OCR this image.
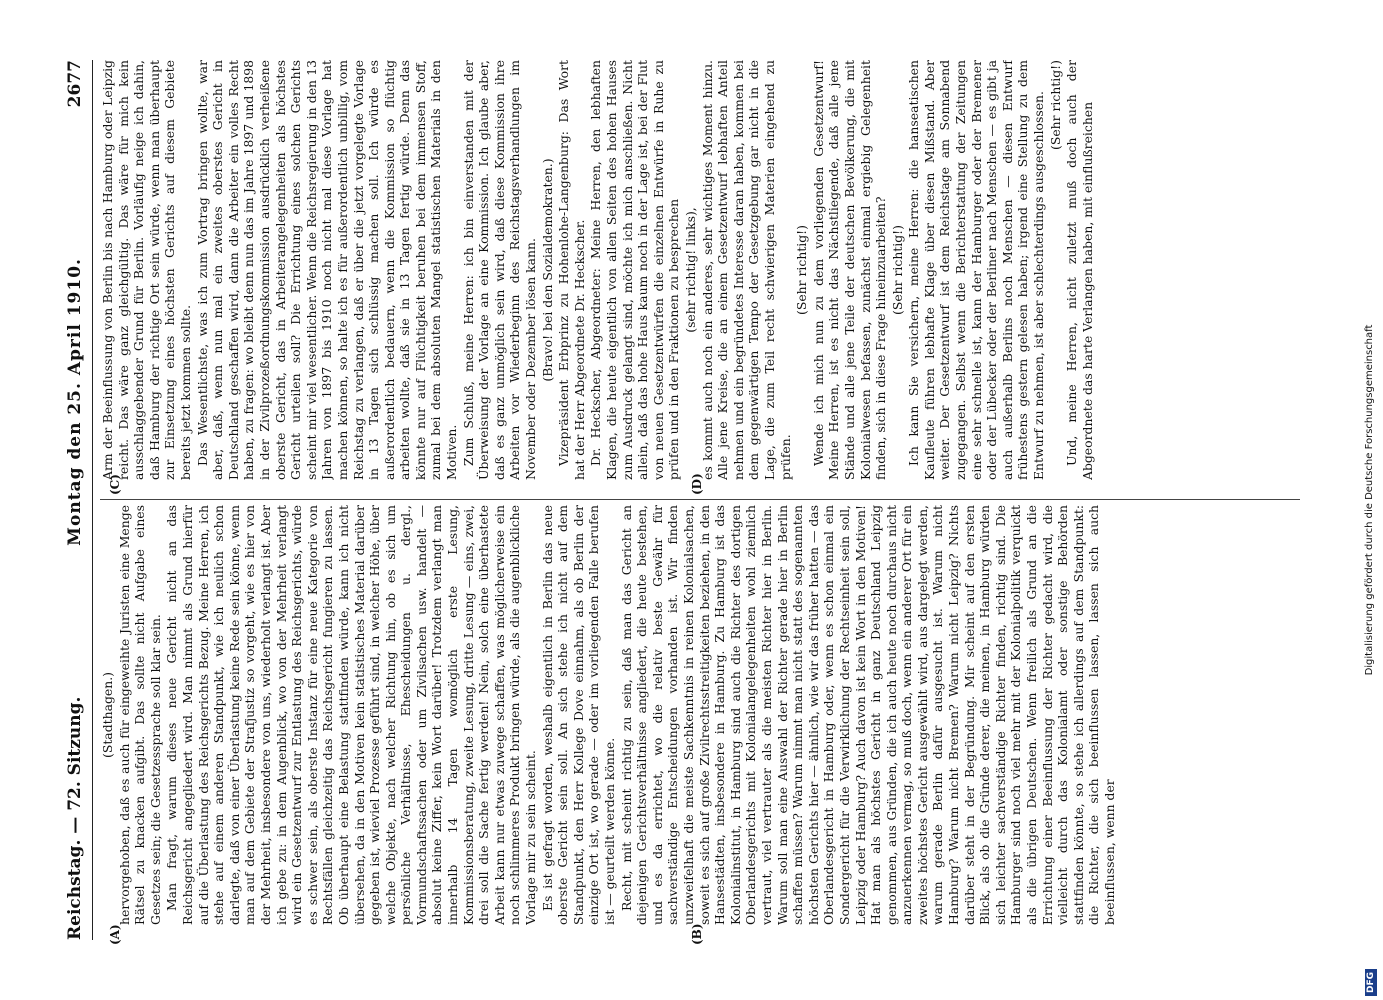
Reichstag. — 72. Sitzung.
Montag den 25. April 1910.
2677
(A)	(B)
(C)	(D)

(Stadthagen.) hervorgehoben, daß es auch für eingeweihte Juristen eine Menge Rätsel zu knacken aufgibt. Das sollte nicht Aufgabe eines Gesetzes sein; die Gesetzessprache soll klar sein. Man fragt, warum dieses neue Gericht nicht an das Reichsgericht angegliedert wird. Man nimmt als Grund hierfür auf die Überlastung des Reichsgerichts Bezug. Meine Herren, ich stehe auf einem anderen Standpunkt, wie ich neulich schon darlegte, daß von einer Überlastung keine Rede sein könne, wenn man auf dem Gebiete der Strafjustiz so vorgeht, wie es hier von der Mehrheit, insbesondere von uns, wiederholt verlangt ist. Aber ich gebe zu: in dem Augenblick, wo von der Mehrheit verlangt wird ein Gesetzentwurf zur Entlastung des Reichsgerichts, würde es schwer sein, als oberste Instanz für eine neue Kategorie von Rechtsfällen gleichzeitig das Reichsgericht fungieren zu lassen. Ob überhaupt eine Belastung stattfinden würde, kann ich nicht übersehen, da in den Motiven kein statistisches Material darüber gegeben ist, wieviel Prozesse geführt sind, in welcher Höhe, über welche Objekte, nach welcher Richtung hin, ob es sich um persönliche Verhältnisse, Ehescheidungen u. dergl., Vormundschaftssachen oder um Zivilsachen usw. handelt — absolut keine Ziffer, kein Wort darüber! Trotzdem verlangt man innerhalb 14 Tagen womöglich erste Lesung, Kommissionsberatung, zweite Lesung, dritte Lesung — eins, zwei, drei soll die Sache fertig werden! Nein, solch eine überhastete Arbeit kann nur etwas zuwege schaffen, was möglicherweise ein noch schlimmeres Produkt bringen würde, als die augenblickliche Vorlage mir zu sein scheint. Es ist gefragt worden, weshalb eigentlich in Berlin das neue oberste Gericht sein soll. An sich stehe ich nicht auf dem Standpunkt, den Herr Kollege Dove einnahm, als ob Berlin der einzige Ort ist, wo gerade — oder im vorliegenden Falle berufen ist — geurteilt werden könne. Recht, mit scheint richtig zu sein, daß man das Gericht an diejenigen Gerichtsverhältnisse angliedert, die heute bestehen, und es da errichtet, wo die relativ beste Gewähr für sachverständige Entscheidungen vorhanden ist. Wir finden unzweifelhaft die meiste Sachkenntnis in reinen Kolonialsachen, soweit es sich auf große Zivilrechtsstreitigkeiten beziehen, in den Hansestädten, insbesondere in Hamburg. Zu Hamburg ist das Kolonialinstitut, in Hamburg sind auch die Richter des dortigen Oberlandesgerichts mit Kolonialangelegenheiten wohl ziemlich vertraut, viel vertrauter als die meisten Richter hier in Berlin. Warum soll man eine Auswahl der Richter gerade hier in Berlin schaffen müssen? Warum nimmt man nicht statt des sogenannten höchsten Gerichts hier — ähnlich, wie wir das früher hatten — das Oberlandesgericht in Hamburg oder, wenn es schon einmal ein Sondergericht für die Verwirklichung der Rechtseinheit sein soll, Leipzig oder Hamburg? Auch davon ist kein Wort in den Motiven! Hat man als höchstes Gericht in ganz Deutschland Leipzig genommen, aus Gründen, die ich auch heute noch durchaus nicht anzuerkennen vermag, so muß doch, wenn ein anderer Ort für ein zweites höchstes Gericht ausgewählt wird, aus dargelegt werden, warum gerade Berlin dafür ausgesucht ist. Warum nicht Hamburg? Warum nicht Bremen? Warum nicht Leipzig? Nichts darüber steht in der Begründung. Mir scheint auf den ersten Blick, als ob die Gründe derer, die meinen, in Hamburg würden sich leichter sachverständige Richter finden, richtig sind. Die Hamburger sind noch viel mehr mit der Kolonialpolitik verquickt als die übrigen Deutschen. Wenn freilich als Grund an die Errichtung einer Beeinflussung der Richter gedacht wird, die vielleicht durch das Kolonialamt oder sonstige Behörden stattfinden könnte, so stehe ich allerdings auf dem Standpunkt: die Richter, die sich beeinflussen lassen, lassen sich auch beeinflussen, wenn der

Arm der Beeinflussung von Berlin bis nach Hamburg oder Leipzig reicht. Das wäre ganz gleichgültig. Das wäre für mich kein ausschlaggebender Grund für Berlin. Vorläufig neige ich dahin, daß Hamburg der richtige Ort sein würde, wenn man überhaupt zur Einsetzung eines höchsten Gerichts auf diesem Gebiete bereits jetzt kommen sollte. Das Wesentlichste, was ich zum Vortrag bringen wollte, war aber, daß, wenn nun mal ein zweites oberstes Gericht in Deutschland geschaffen wird, dann die Arbeiter ein volles Recht haben, zu fragen: wo bleibt denn nun das im Jahre 1897 und 1898 in der Zivilprozeßordnungskommission ausdrücklich verheißene oberste Gericht, das in Arbeiterangelegenheiten als höchstes Gericht urteilen soll? Die Errichtung eines solchen Gerichts scheint mir viel wesentlicher. Wenn die Reichsregierung in den 13 Jahren von 1897 bis 1910 noch nicht mal diese Vorlage hat machen können, so halte ich es für außerordentlich unbillig, vom Reichstag zu verlangen, daß er über die jetzt vorgelegte Vorlage in 13 Tagen sich schlüssig machen soll. Ich würde es außerordentlich bedauern, wenn die Kommission so flüchtig arbeiten wollte, daß sie in 13 Tagen fertig würde. Denn das könnte nur auf Flüchtigkeit beruhen bei dem immensen Stoff, zumal bei dem absoluten Mangel statistischen Materials in den Motiven. Zum Schluß, meine Herren: ich bin einverstanden mit der Überweisung der Vorlage an eine Kommission. Ich glaube aber, daß es ganz unmöglich sein wird, daß diese Kommission ihre Arbeiten vor Wiederbeginn des Reichstagsverhandlungen im November oder Dezember lösen kann. (Bravo! bei den Sozialdemokraten.) Vizepräsident Erbprinz zu Hohenlohe-Langenburg: Das Wort hat der Herr Abgeordnete Dr. Heckscher. Dr. Heckscher, Abgeordneter: Meine Herren, den lebhaften Klagen, die heute eigentlich von allen Seiten des hohen Hauses zum Ausdruck gelangt sind, möchte ich mich anschließen. Nicht allein, daß das hohe Haus kaum noch in der Lage ist, bei der Flut von neuen Gesetzentwürfen die einzelnen Entwürfe in Ruhe zu prüfen und in den Fraktionen zu besprechen (sehr richtig! links), es kommt auch noch ein anderes, sehr wichtiges Moment hinzu. Alle jene Kreise, die an einem Gesetzentwurf lebhaften Anteil nehmen und ein begründetes Interesse daran haben, kommen bei dem gegenwärtigen Tempo der Gesetzgebung gar nicht in die Lage, die zum Teil recht schwierigen Materien eingehend zu prüfen.

(Sehr richtig!) Wende ich mich nun zu dem vorliegenden Gesetzentwurf! Meine Herren, ist es nicht das Nächstliegende, daß alle jene Stände und alle jene Teile der deutschen Bevölkerung, die mit Kolonialwesen befassen, zunächst einmal ergiebig Gelegenheit finden, sich in diese Frage hineinzuarbeiten? (Sehr richtig!) Ich kann Sie versichern, meine Herren: die hanseatischen Kaufleute führen lebhafte Klage über diesen Mißstand. Aber weiter. Der Gesetzentwurf ist dem Reichstage am Sonnabend zugegangen. Selbst wenn die Berichterstattung der Zeitungen eine sehr schnelle ist, kann der Hamburger oder der Bremener oder der Lübecker oder der Berliner nach Menschen — es gibt ja auch außerhalb Berlins noch Menschen — diesen Entwurf frühestens gestern gelesen haben; irgend eine Stellung zu dem Entwurf zu nehmen, ist aber schlechterdings ausgeschlossen. (Sehr richtig!) Und, meine Herren, nicht zuletzt muß doch auch der Abgeordnete das harte Verlangen haben, mit einflußreichen

Digitalisierung gefördert durch die Deutsche Forschungsgemeinschaft
DFG
